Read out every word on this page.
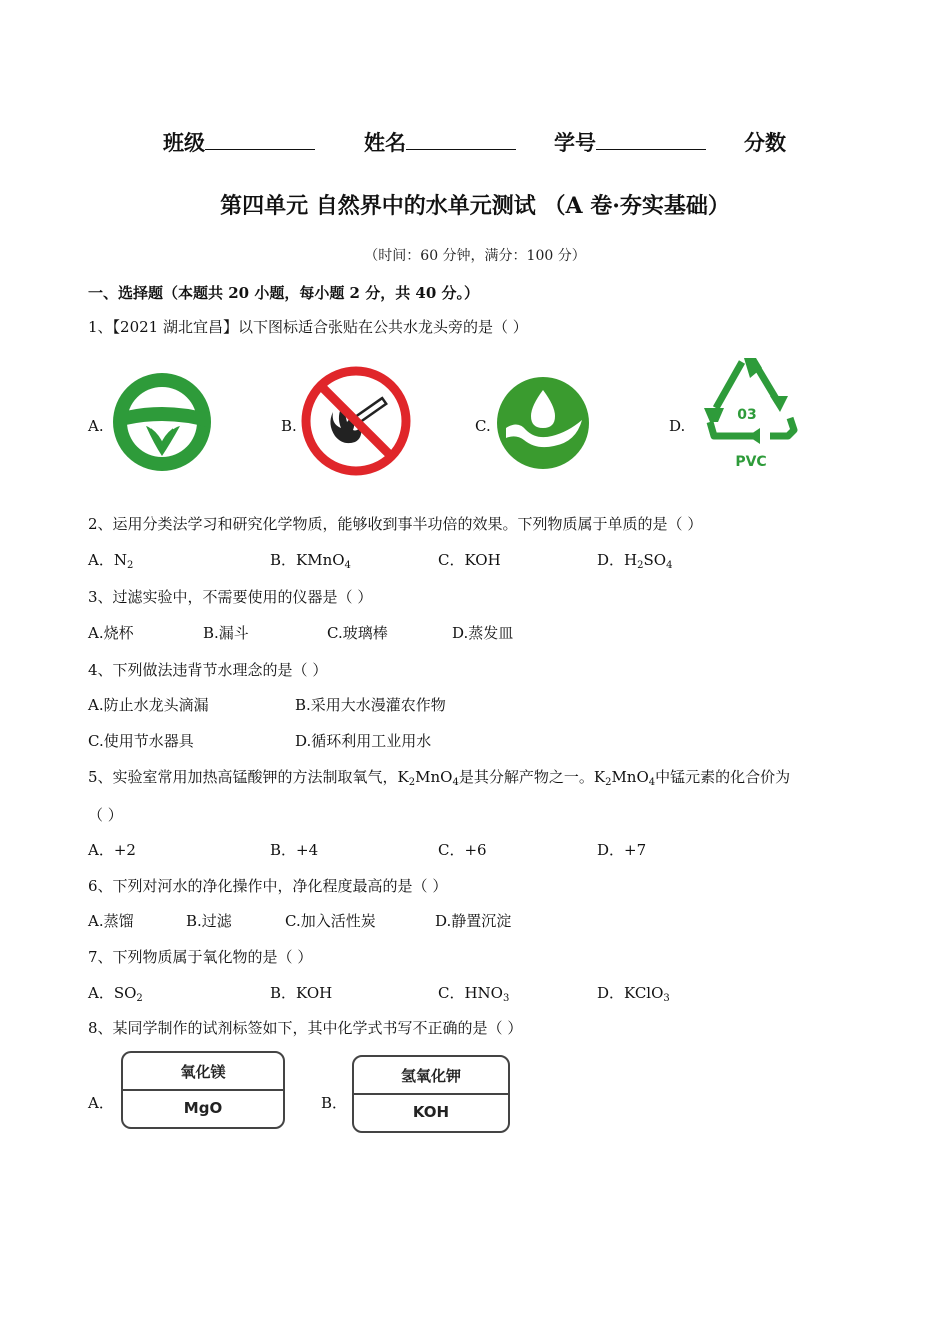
班级	姓名	学号	分数
第四单元 自然界中的水单元测试 （A 卷·夯实基础）
（时间：60 分钟，满分：100 分）
一、选择题（本题共 20 小题，每小题 2 分，共 40 分。）
1、【2021 湖北宜昌】以下图标适合张贴在公共水龙头旁的是（ ）
A.	B.	C.	D.
03
PVC
2、运用分类法学习和研究化学物质，能够收到事半功倍的效果。下列物质属于单质的是（ ）
A．$N_2$	B．KMnO$_4$	C．KOH	D．$H_2SO_4$
3、过滤实验中，不需要使用的仪器是（ ）
A.烧杯	B.漏斗	C.玻璃棒	D.蒸发皿
4、下列做法违背节水理念的是（ ）
A.防止水龙头滴漏	B.采用大水漫灌农作物
C.使用节水器具	D.循环利用工业用水
5、实验室常用加热高锰酸钾的方法制取氧气，$K_2MnO_4$是其分解产物之一。$K_2MnO_4$中锰元素的化合价为
（ ）
A．+2	B．+4	C．+6	D．+7
6、下列对河水的净化操作中，净化程度最高的是（ ）
A.蒸馏	B.过滤	C.加入活性炭	D.静置沉淀
7、下列物质属于氧化物的是（ ）
A．$SO_2$	B．KOH	C．$HNO_3$	D．KClO$_3$
8、某同学制作的试剂标签如下，其中化学式书写不正确的是（ ）
A．
氧化镁
MgO	B．
氢氧化钾
KOH
